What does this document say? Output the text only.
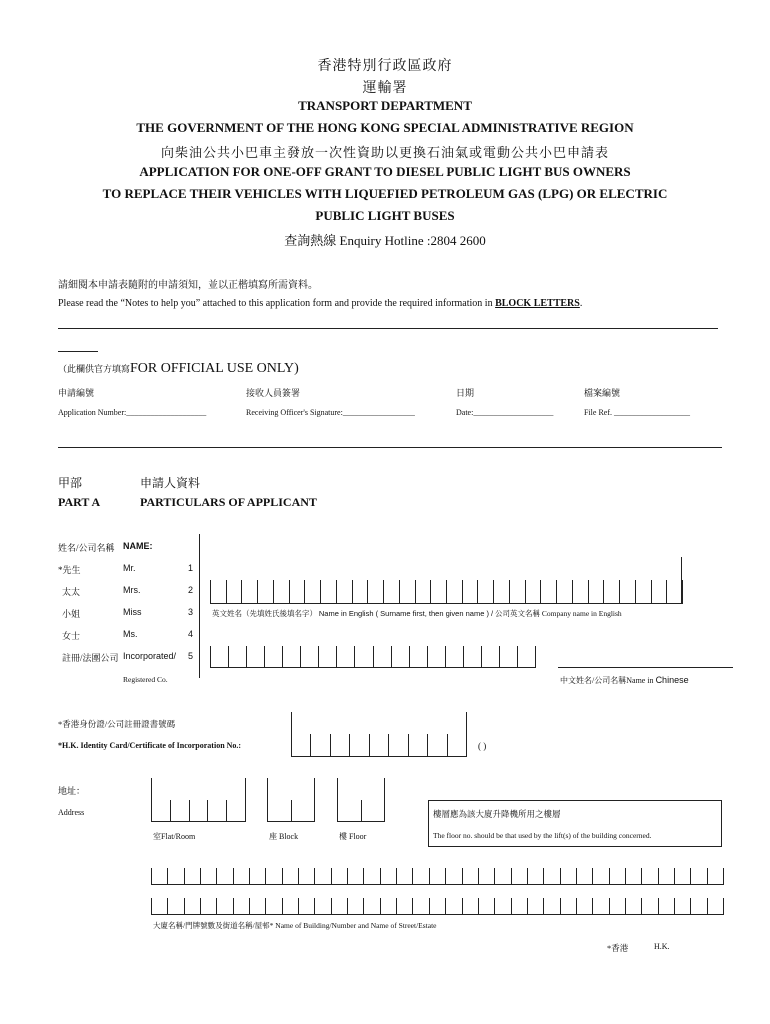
香港特別行政區政府
運輸署
TRANSPORT DEPARTMENT
THE GOVERNMENT OF THE HONG KONG SPECIAL ADMINISTRATIVE REGION
向柴油公共小巴車主發放一次性資助以更換石油氣或電動公共小巴申請表
APPLICATION FOR ONE-OFF GRANT TO DIESEL PUBLIC LIGHT BUS OWNERS
TO REPLACE THEIR VEHICLES WITH LIQUEFIED PETROLEUM GAS (LPG) OR ELECTRIC
PUBLIC LIGHT BUSES
查詢熱線 Enquiry Hotline :2804 2600
請細閱本申請表隨附的申請須知，並以正楷填寫所需資料。
Please read the “Notes to help you” attached to this application form and provide the required information in BLOCK LETTERS.
（此欄供官方填寫FOR OFFICIAL USE ONLY)
申請編號	接收人員簽署	日期	檔案編號
Application Number:____________________	Receiving Officer's Signature:__________________	Date:____________________	File Ref. ___________________
甲部	申請人資料
PART A	PARTICULARS OF APPLICANT
姓名/公司名稱 NAME:
*先生	Mr.	1
太太	Mrs.	2
小姐	Miss	3
女士	Ms.	4
註冊/法團公司 Incorporated/ 5
Registered Co.
英文姓名（先填姓氏後填名字） Name in English ( Surname first, then given name ) / 公司英文名稱 Company name in English
中文姓名/公司名稱Name in Chinese
*香港身份證/公司註冊證書號碼
*H.K. Identity Card/Certificate of Incorporation No.:	( )
地址：
Address
室Flat/Room	座 Block	樓 Floor
樓層應為該大廈升降機所用之樓層
The floor no. should be that used by the lift(s) of the building concerned.
大廈名稱/門牌號數及街道名稱/屋邨* Name of Building/Number and Name of Street/Estate
*香港	H.K.
